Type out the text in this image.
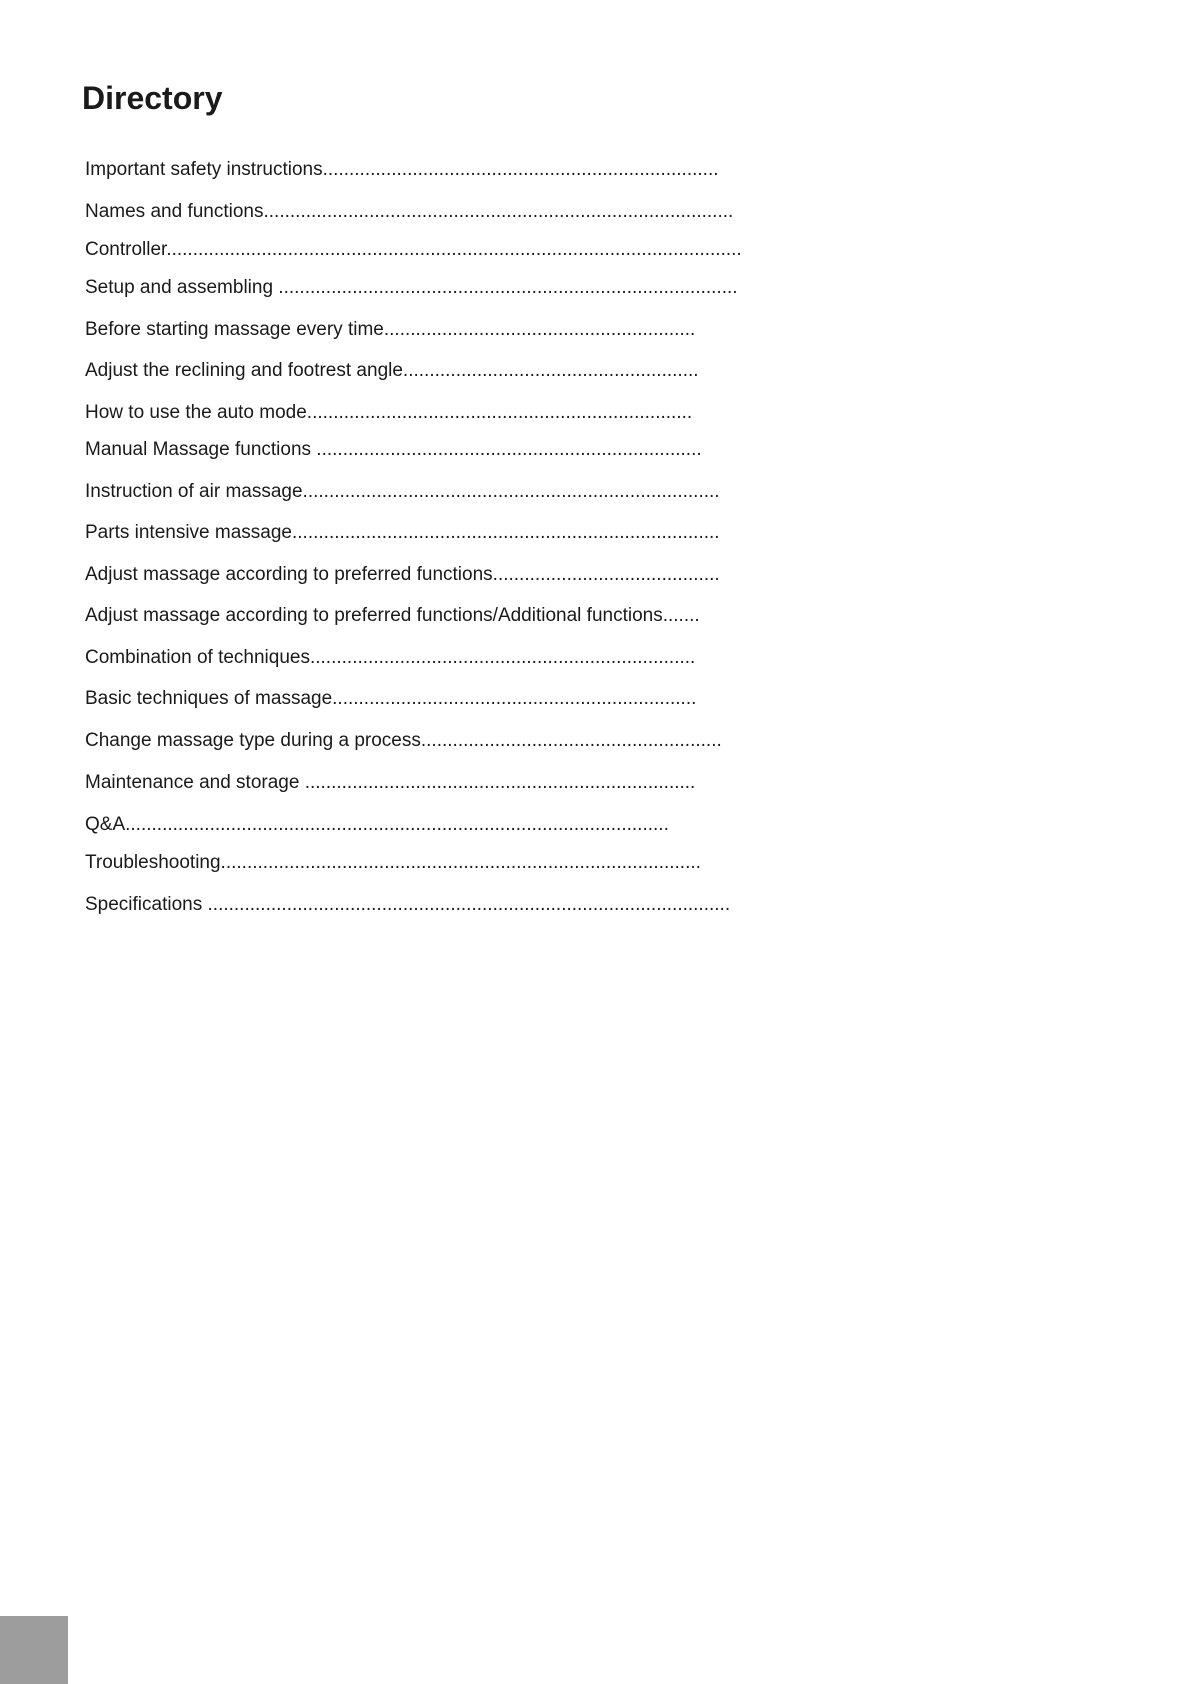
Directory
Important safety instructions...........................................................................
Names and functions.........................................................................................
Controller.............................................................................................................
Setup and assembling .......................................................................................
Before starting massage every time...........................................................
Adjust the reclining and footrest angle........................................................
How to use the auto mode.........................................................................
Manual Massage functions .........................................................................
Instruction of air massage...............................................................................
Parts intensive massage.................................................................................
Adjust massage according to preferred functions...........................................
Adjust massage according to preferred functions/Additional functions.......
Combination of techniques.........................................................................
Basic techniques of massage.....................................................................
Change massage type during a process.........................................................
Maintenance and storage ..........................................................................
Q&A.......................................................................................................
Troubleshooting...........................................................................................
Specifications ...................................................................................................
